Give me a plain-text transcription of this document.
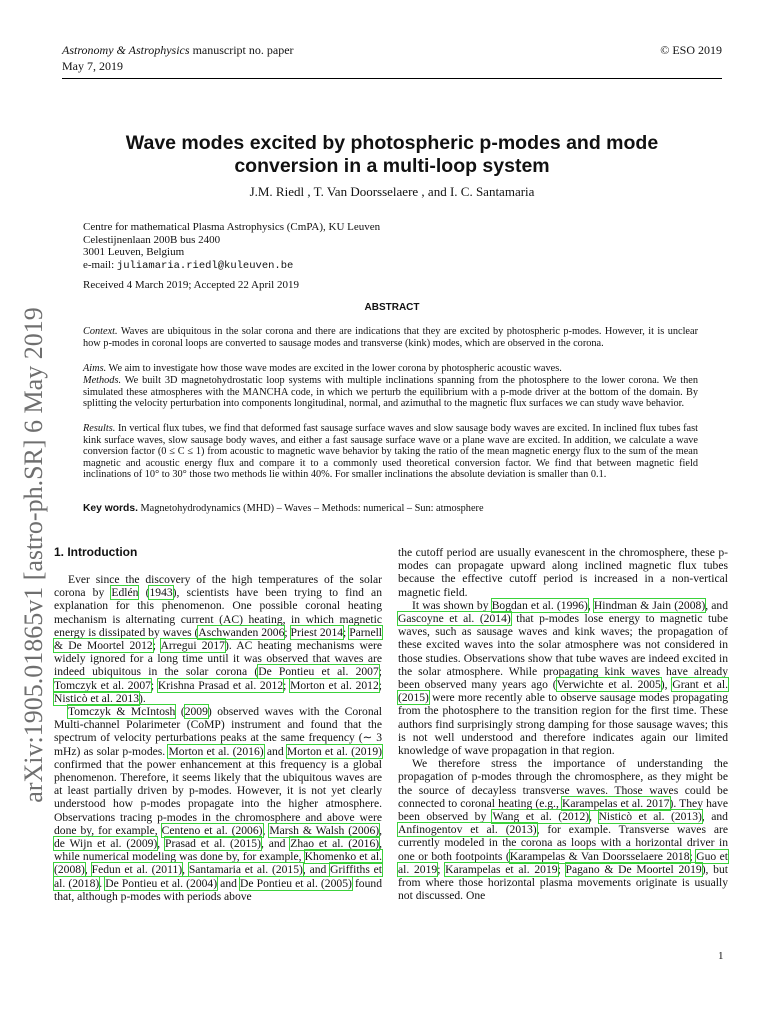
arXiv:1905.01865v1 [astro-ph.SR] 6 May 2019
Astronomy & Astrophysics manuscript no. paper
May 7, 2019
© ESO 2019
Wave modes excited by photospheric p-modes and mode
conversion in a multi-loop system
J.M. Riedl , T. Van Doorsselaere , and I. C. Santamaria
Centre for mathematical Plasma Astrophysics (CmPA), KU Leuven
Celestijnenlaan 200B bus 2400
3001 Leuven, Belgium
e-mail: juliamaria.riedl@kuleuven.be
Received 4 March 2019; Accepted 22 April 2019
ABSTRACT
Context. Waves are ubiquitous in the solar corona and there are indications that they are excited by photospheric p-modes. However, it is unclear how p-modes in coronal loops are converted to sausage modes and transverse (kink) modes, which are observed in the corona.
Aims. We aim to investigate how those wave modes are excited in the lower corona by photospheric acoustic waves.
Methods. We built 3D magnetohydrostatic loop systems with multiple inclinations spanning from the photosphere to the lower corona. We then simulated these atmospheres with the MANCHA code, in which we perturb the equilibrium with a p-mode driver at the bottom of the domain. By splitting the velocity perturbation into components longitudinal, normal, and azimuthal to the magnetic flux surfaces we can study wave behavior.
Results. In vertical flux tubes, we find that deformed fast sausage surface waves and slow sausage body waves are excited. In inclined flux tubes fast kink surface waves, slow sausage body waves, and either a fast sausage surface wave or a plane wave are excited. In addition, we calculate a wave conversion factor (0 ≤ C ≤ 1) from acoustic to magnetic wave behavior by taking the ratio of the mean magnetic energy flux to the sum of the mean magnetic and acoustic energy flux and compare it to a commonly used theoretical conversion factor. We find that between magnetic field inclinations of 10° to 30° those two methods lie within 40%. For smaller inclinations the absolute deviation is smaller than 0.1.
Key words. Magnetohydrodynamics (MHD) – Waves – Methods: numerical – Sun: atmosphere
1. Introduction

Ever since the discovery of the high temperatures of the solar corona by Edlén (1943), scientists have been trying to find an explanation for this phenomenon. One possible coronal heating mechanism is alternating current (AC) heating, in which magnetic energy is dissipated by waves (Aschwanden 2006; Priest 2014; Parnell & De Moortel 2012; Arregui 2017). AC heating mechanisms were widely ignored for a long time until it was observed that waves are indeed ubiquitous in the solar corona (De Pontieu et al. 2007; Tomczyk et al. 2007; Krishna Prasad et al. 2012; Morton et al. 2012; Nisticò et al. 2013).

Tomczyk & McIntosh (2009) observed waves with the Coronal Multi-channel Polarimeter (CoMP) instrument and found that the spectrum of velocity perturbations peaks at the same frequency (∼ 3 mHz) as solar p-modes. Morton et al. (2016) and Morton et al. (2019) confirmed that the power enhancement at this frequency is a global phenomenon. Therefore, it seems likely that the ubiquitous waves are at least partially driven by p-modes. However, it is not yet clearly understood how p-modes propagate into the higher atmosphere. Observations tracing p-modes in the chromosphere and above were done by, for example, Centeno et al. (2006), Marsh & Walsh (2006), de Wijn et al. (2009), Prasad et al. (2015), and Zhao et al. (2016), while numerical modeling was done by, for example, Khomenko et al. (2008), Fedun et al. (2011), Santamaria et al. (2015), and Griffiths et al. (2018). De Pontieu et al. (2004) and De Pontieu et al. (2005) found that, although p-modes with periods above

the cutoff period are usually evanescent in the chromosphere, these p-modes can propagate upward along inclined magnetic flux tubes because the effective cutoff period is increased in a non-vertical magnetic field.

It was shown by Bogdan et al. (1996), Hindman & Jain (2008), and Gascoyne et al. (2014) that p-modes lose energy to magnetic tube waves, such as sausage waves and kink waves; the propagation of these excited waves into the solar atmosphere was not considered in those studies. Observations show that tube waves are indeed excited in the solar atmosphere. While propagating kink waves have already been observed many years ago (Verwichte et al. 2005), Grant et al. (2015) were more recently able to observe sausage modes propagating from the photosphere to the transition region for the first time. These authors find surprisingly strong damping for those sausage waves; this is not well understood and therefore indicates again our limited knowledge of wave propagation in that region.

We therefore stress the importance of understanding the propagation of p-modes through the chromosphere, as they might be the source of decayless transverse waves. Those waves could be connected to coronal heating (e.g., Karampelas et al. 2017). They have been observed by Wang et al. (2012), Nisticò et al. (2013), and Anfinogentov et al. (2013), for example. Transverse waves are currently modeled in the corona as loops with a horizontal driver in one or both footpoints (Karampelas & Van Doorsselaere 2018; Guo et al. 2019; Karampelas et al. 2019; Pagano & De Moortel 2019), but from where those horizontal plasma movements originate is usually not discussed. One

1
